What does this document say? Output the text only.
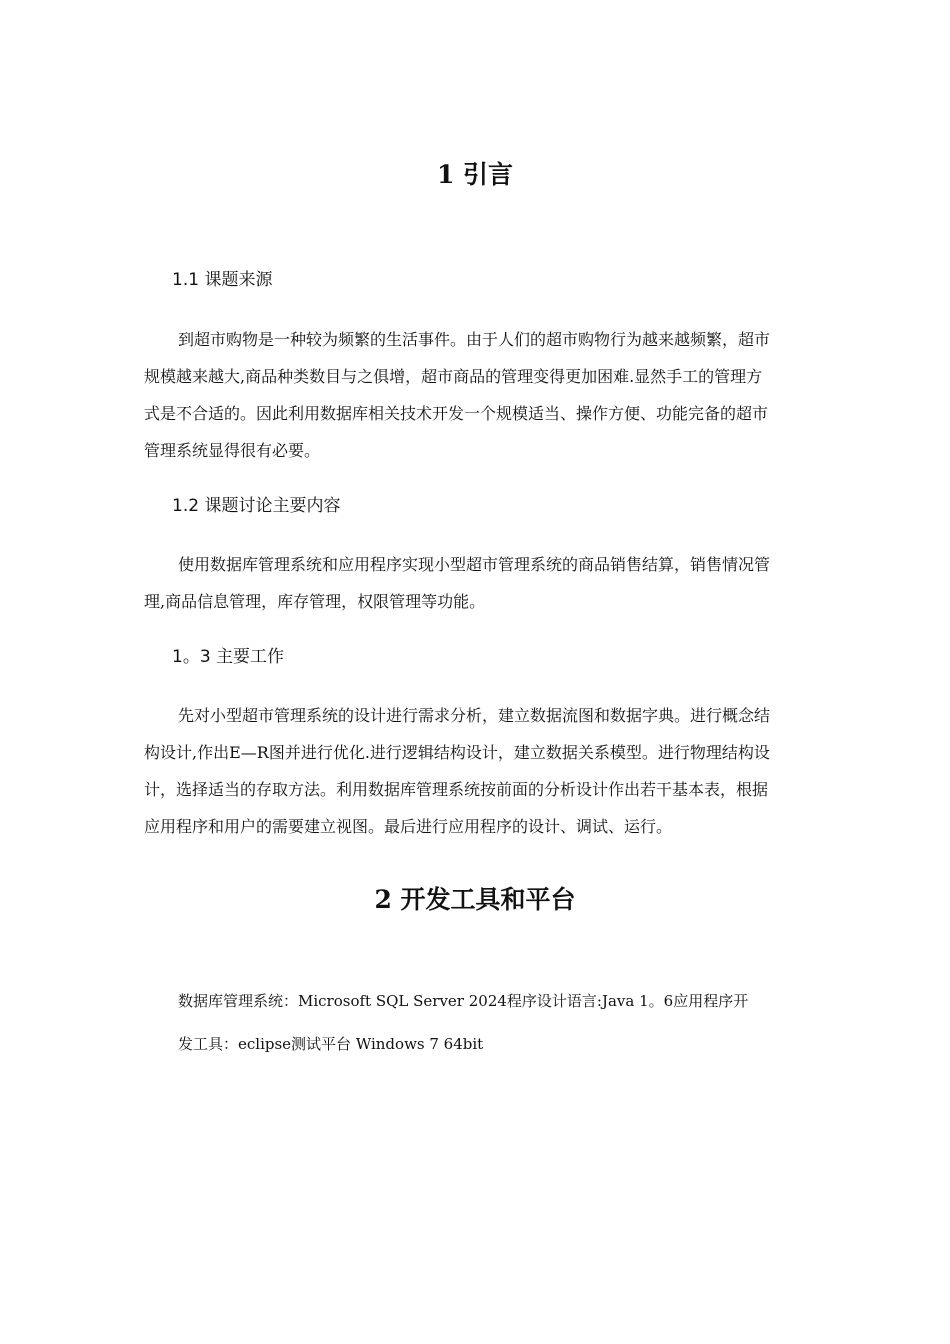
1 引言
1.1 课题来源
到超市购物是一种较为频繁的生活事件。由于人们的超市购物行为越来越频繁，超市
规模越来越大,商品种类数目与之俱增，超市商品的管理变得更加困难.显然手工的管理方
式是不合适的。因此利用数据库相关技术开发一个规模适当、操作方便、功能完备的超市
管理系统显得很有必要。
1.2 课题讨论主要内容
使用数据库管理系统和应用程序实现小型超市管理系统的商品销售结算，销售情况管
理,商品信息管理，库存管理，权限管理等功能。
1。3 主要工作
先对小型超市管理系统的设计进行需求分析，建立数据流图和数据字典。进行概念结
构设计,作出E—R图并进行优化.进行逻辑结构设计，建立数据关系模型。进行物理结构设
计，选择适当的存取方法。利用数据库管理系统按前面的分析设计作出若干基本表，根据
应用程序和用户的需要建立视图。最后进行应用程序的设计、调试、运行。
2 开发工具和平台
数据库管理系统：Microsoft SQL Server 2024程序设计语言:Java 1。6应用程序开
发工具：eclipse测试平台 Windows 7 64bit
